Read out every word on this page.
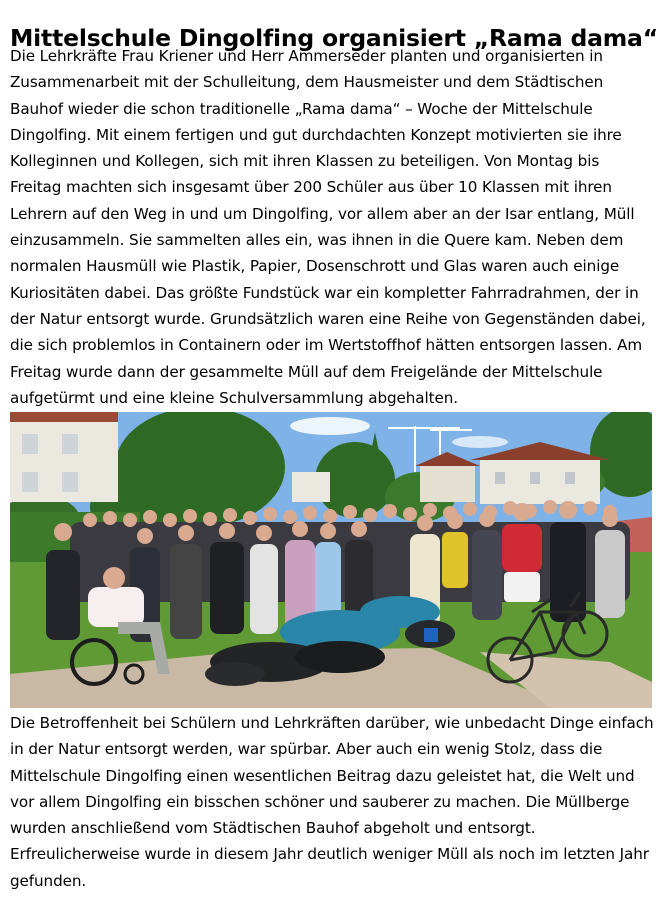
Mittelschule Dingolfing organisiert „Rama dama“

Die Lehrkräfte Frau Kriener und Herr Ammerseder planten und organisierten in Zusammenarbeit mit der Schulleitung, dem Hausmeister und dem Städtischen Bauhof wieder die schon traditionelle „Rama dama“ – Woche der Mittelschule Dingolfing. Mit einem fertigen und gut durchdachten Konzept motivierten sie ihre Kolleginnen und Kollegen, sich mit ihren Klassen zu beteiligen. Von Montag bis Freitag machten sich insgesamt über 200 Schüler aus über 10 Klassen mit ihren Lehrern auf den Weg in und um Dingolfing, vor allem aber an der Isar entlang, Müll einzusammeln. Sie sammelten alles ein, was ihnen in die Quere kam. Neben dem normalen Hausmüll wie Plastik, Papier, Dosenschrott und Glas waren auch einige Kuriositäten dabei. Das größte Fundstück war ein kompletter Fahrradrahmen, der in der Natur entsorgt wurde. Grundsätzlich waren eine Reihe von Gegenständen dabei, die sich problemlos in Containern oder im Wertstoffhof hätten entsorgen lassen. Am Freitag wurde dann der gesammelte Müll auf dem Freigelände der Mittelschule aufgetürmt und eine kleine Schulversammlung abgehalten.

Die Betroffenheit bei Schülern und Lehrkräften darüber, wie unbedacht Dinge einfach in der Natur entsorgt werden, war spürbar. Aber auch ein wenig Stolz, dass die Mittelschule Dingolfing einen wesentlichen Beitrag dazu geleistet hat, die Welt und vor allem Dingolfing ein bisschen schöner und sauberer zu machen. Die Müllberge wurden anschließend vom Städtischen Bauhof abgeholt und entsorgt. Erfreulicherweise wurde in diesem Jahr deutlich weniger Müll als noch im letzten Jahr gefunden.
